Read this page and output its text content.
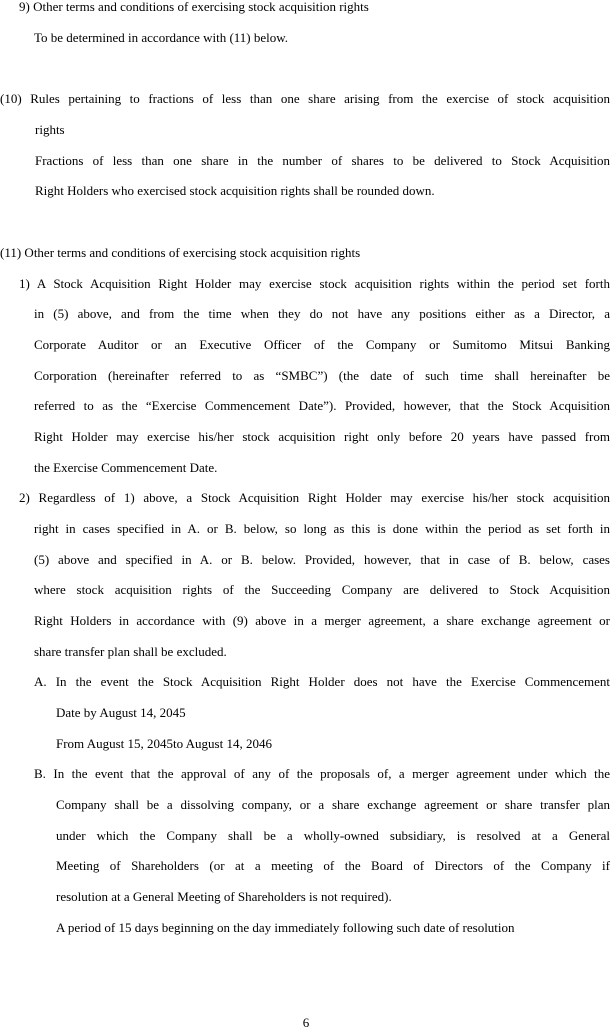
9) Other terms and conditions of exercising stock acquisition rights
To be determined in accordance with (11) below.
(10) Rules pertaining to fractions of less than one share arising from the exercise of stock acquisition
rights
Fractions of less than one share in the number of shares to be delivered to Stock Acquisition
Right Holders who exercised stock acquisition rights shall be rounded down.
(11) Other terms and conditions of exercising stock acquisition rights
1) A Stock Acquisition Right Holder may exercise stock acquisition rights within the period set forth
in (5) above, and from the time when they do not have any positions either as a Director, a
Corporate Auditor or an Executive Officer of the Company or Sumitomo Mitsui Banking
Corporation (hereinafter referred to as “SMBC”) (the date of such time shall hereinafter be
referred to as the “Exercise Commencement Date”). Provided, however, that the Stock Acquisition
Right Holder may exercise his/her stock acquisition right only before 20 years have passed from
the Exercise Commencement Date.
2) Regardless of 1) above, a Stock Acquisition Right Holder may exercise his/her stock acquisition
right in cases specified in A. or B. below, so long as this is done within the period as set forth in
(5) above and specified in A. or B. below. Provided, however, that in case of B. below, cases
where stock acquisition rights of the Succeeding Company are delivered to Stock Acquisition
Right Holders in accordance with (9) above in a merger agreement, a share exchange agreement or
share transfer plan shall be excluded.
A. In the event the Stock Acquisition Right Holder does not have the Exercise Commencement
Date by August 14, 2045
From August 15, 2045to August 14, 2046
B. In the event that the approval of any of the proposals of, a merger agreement under which the
Company shall be a dissolving company, or a share exchange agreement or share transfer plan
under which the Company shall be a wholly-owned subsidiary, is resolved at a General
Meeting of Shareholders (or at a meeting of the Board of Directors of the Company if
resolution at a General Meeting of Shareholders is not required).
A period of 15 days beginning on the day immediately following such date of resolution
6
